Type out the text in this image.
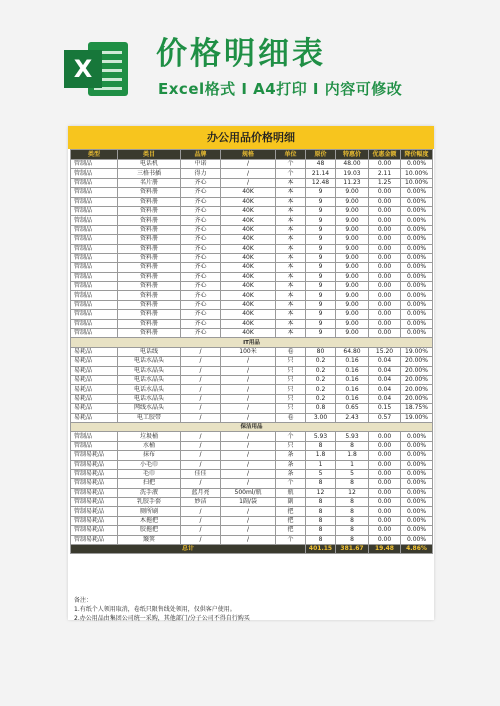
X	价格明细表
Excel格式 Ι A4打印 Ι 内容可修改
办公用品价格明细
类型	类目	品牌	规格	单位	原价	特惠价	优惠金额	降价幅度
管制品	电话机	中诺	/	个	48	48.00	0.00	0.00%
管制品	三格书插	得力	/	个	21.14	19.03	2.11	10.00%
管制品	名片册	齐心	/	本	12.48	11.23	1.25	10.00%
管制品	资料册	齐心	40K	本	9	9.00	0.00	0.00%
管制品	资料册	齐心	40K	本	9	9.00	0.00	0.00%
管制品	资料册	齐心	40K	本	9	9.00	0.00	0.00%
管制品	资料册	齐心	40K	本	9	9.00	0.00	0.00%
管制品	资料册	齐心	40K	本	9	9.00	0.00	0.00%
管制品	资料册	齐心	40K	本	9	9.00	0.00	0.00%
管制品	资料册	齐心	40K	本	9	9.00	0.00	0.00%
管制品	资料册	齐心	40K	本	9	9.00	0.00	0.00%
管制品	资料册	齐心	40K	本	9	9.00	0.00	0.00%
管制品	资料册	齐心	40K	本	9	9.00	0.00	0.00%
管制品	资料册	齐心	40K	本	9	9.00	0.00	0.00%
管制品	资料册	齐心	40K	本	9	9.00	0.00	0.00%
管制品	资料册	齐心	40K	本	9	9.00	0.00	0.00%
管制品	资料册	齐心	40K	本	9	9.00	0.00	0.00%
管制品	资料册	齐心	40K	本	9	9.00	0.00	0.00%
管制品	资料册	齐心	40K	本	9	9.00	0.00	0.00%
IT用品								
易耗品	电话线	/	100米	卷	80	64.80	15.20	19.00%
易耗品	电话水晶头	/	/	只	0.2	0.16	0.04	20.00%
易耗品	电话水晶头	/	/	只	0.2	0.16	0.04	20.00%
易耗品	电话水晶头	/	/	只	0.2	0.16	0.04	20.00%
易耗品	电话水晶头	/	/	只	0.2	0.16	0.04	20.00%
易耗品	电话水晶头	/	/	只	0.2	0.16	0.04	20.00%
易耗品	网线水晶头	/	/	只	0.8	0.65	0.15	18.75%
易耗品	电工胶带	/	/	卷	3.00	2.43	0.57	19.00%
保洁用品								
管制品	垃圾桶	/	/	个	5.93	5.93	0.00	0.00%
管制品	水桶	/	/	只	8	8	0.00	0.00%
管制易耗品	抹布	/	/	条	1.8	1.8	0.00	0.00%
管制易耗品	小毛巾	/	/	条	1	1	0.00	0.00%
管制易耗品	毛巾	佳佳	/	条	5	5	0.00	0.00%
管制易耗品	扫把	/	/	个	8	8	0.00	0.00%
管制易耗品	洗手液	蓝月亮	500ml/瓶	瓶	12	12	0.00	0.00%
管制易耗品	乳胶手套	妙洁	1副/袋	副	8	8	0.00	0.00%
管制易耗品	厕所刷	/	/	把	8	8	0.00	0.00%
管制易耗品	木拖把	/	/	把	8	8	0.00	0.00%
管制易耗品	胶拖把	/	/	把	8	8	0.00	0.00%
管制易耗品	簸箕	/	/	个	8	8	0.00	0.00%
总计					401.15	381.67	19.48	4.86%
备注：
1.有纸个人领用取消，卷纸只限售线处领用，仅供客户使用。
2.办公用品由集团公司统一采购，其他部门/分子公司不得自行购买
